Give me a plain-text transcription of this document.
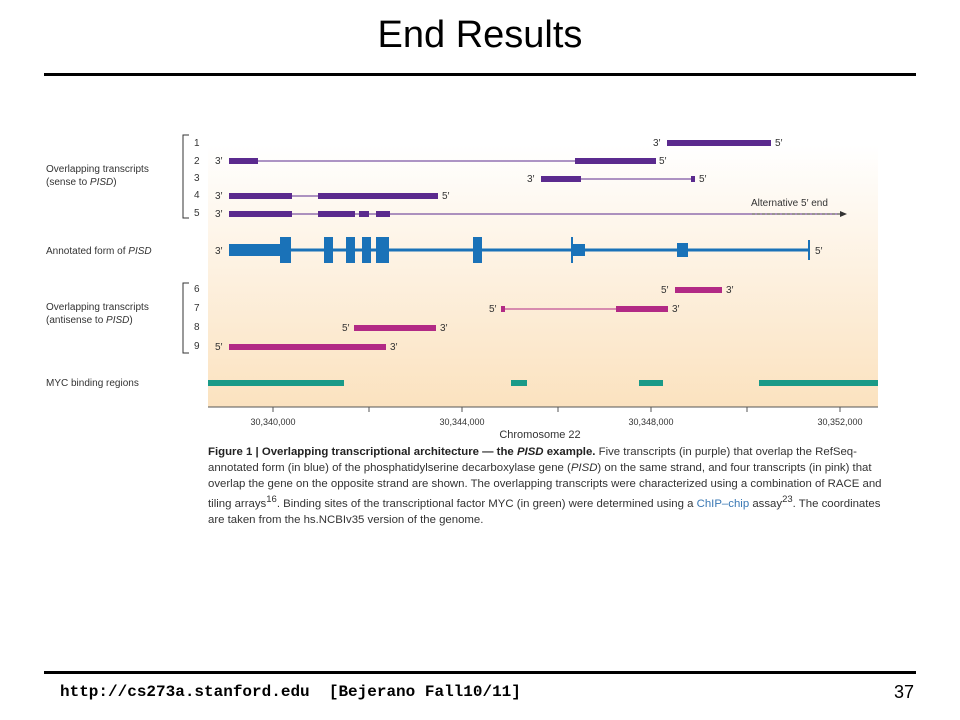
End Results
Overlapping transcripts
(sense to PISD)
Annotated form of PISD
Overlapping transcripts
(antisense to PISD)
MYC binding regions
1
2
3
4
5
6
7
8
9
Alternative 5′ end
3′	5′
3′	5′
3′	5′
3′	5′
3′
3′	5′
5′	3′
5′	3′
5′	3′
5′	3′
30,340,000	30,344,000	30,348,000	30,352,000
Chromosome 22
Figure 1 | Overlapping transcriptional architecture — the PISD example. Five transcripts (in purple) that overlap the RefSeq-annotated form (in blue) of the phosphatidylserine decarboxylase gene (PISD) on the same strand, and four transcripts (in pink) that overlap the gene on the opposite strand are shown. The overlapping transcripts were characterized using a combination of RACE and tiling arrays$^{16}$. Binding sites of the transcriptional factor MYC (in green) were determined using a ChIP–chip assay$^{23}$. The coordinates are taken from the hs.NCBIv35 version of the genome.
http://cs273a.stanford.edu [Bejerano Fall10/11]	37
